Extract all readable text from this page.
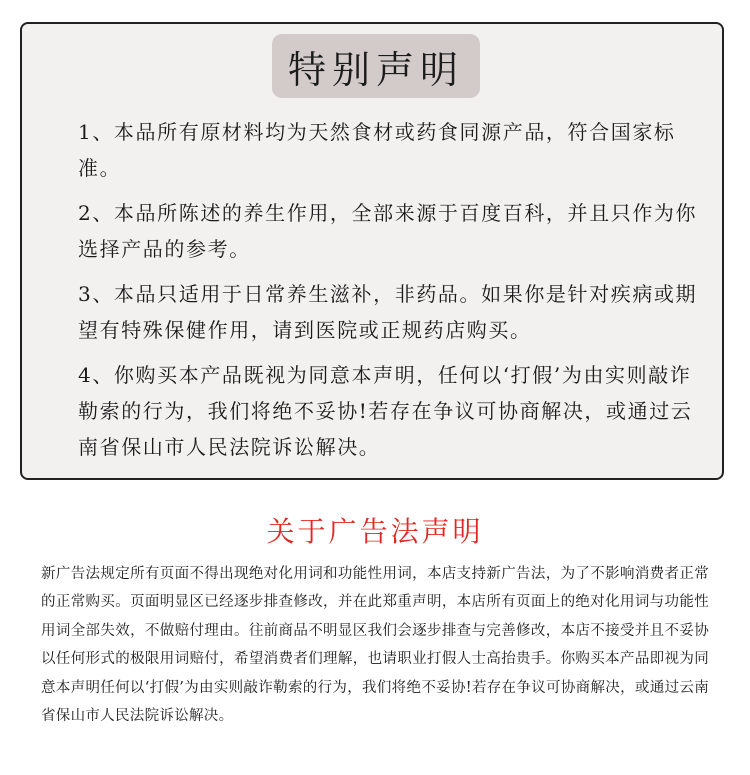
特别声明

1、本品所有原材料均为天然食材或药食同源产品，符合国家标准。

2、本品所陈述的养生作用，全部来源于百度百科，并且只作为你选择产品的参考。

3、本品只适用于日常养生滋补，非药品。如果你是针对疾病或期望有特殊保健作用，请到医院或正规药店购买。

4、你购买本产品既视为同意本声明，任何以‘打假’为由实则敲诈勒索的行为，我们将绝不妥协!若存在争议可协商解决，或通过云南省保山市人民法院诉讼解决。

关于广告法声明
新广告法规定所有页面不得出现绝对化用词和功能性用词，本店支持新广告法，为了不影响消费者正常的正常购买。页面明显区已经逐步排查修改，并在此郑重声明，本店所有页面上的绝对化用词与功能性用词全部失效，不做赔付理由。往前商品不明显区我们会逐步排查与完善修改，本店不接受并且不妥协以任何形式的极限用词赔付，希望消费者们理解，也请职业打假人士高抬贵手。你购买本产品即视为同意本声明任何以‘打假’为由实则敲诈勒索的行为，我们将绝不妥协!若存在争议可协商解决，或通过云南省保山市人民法院诉讼解决。
